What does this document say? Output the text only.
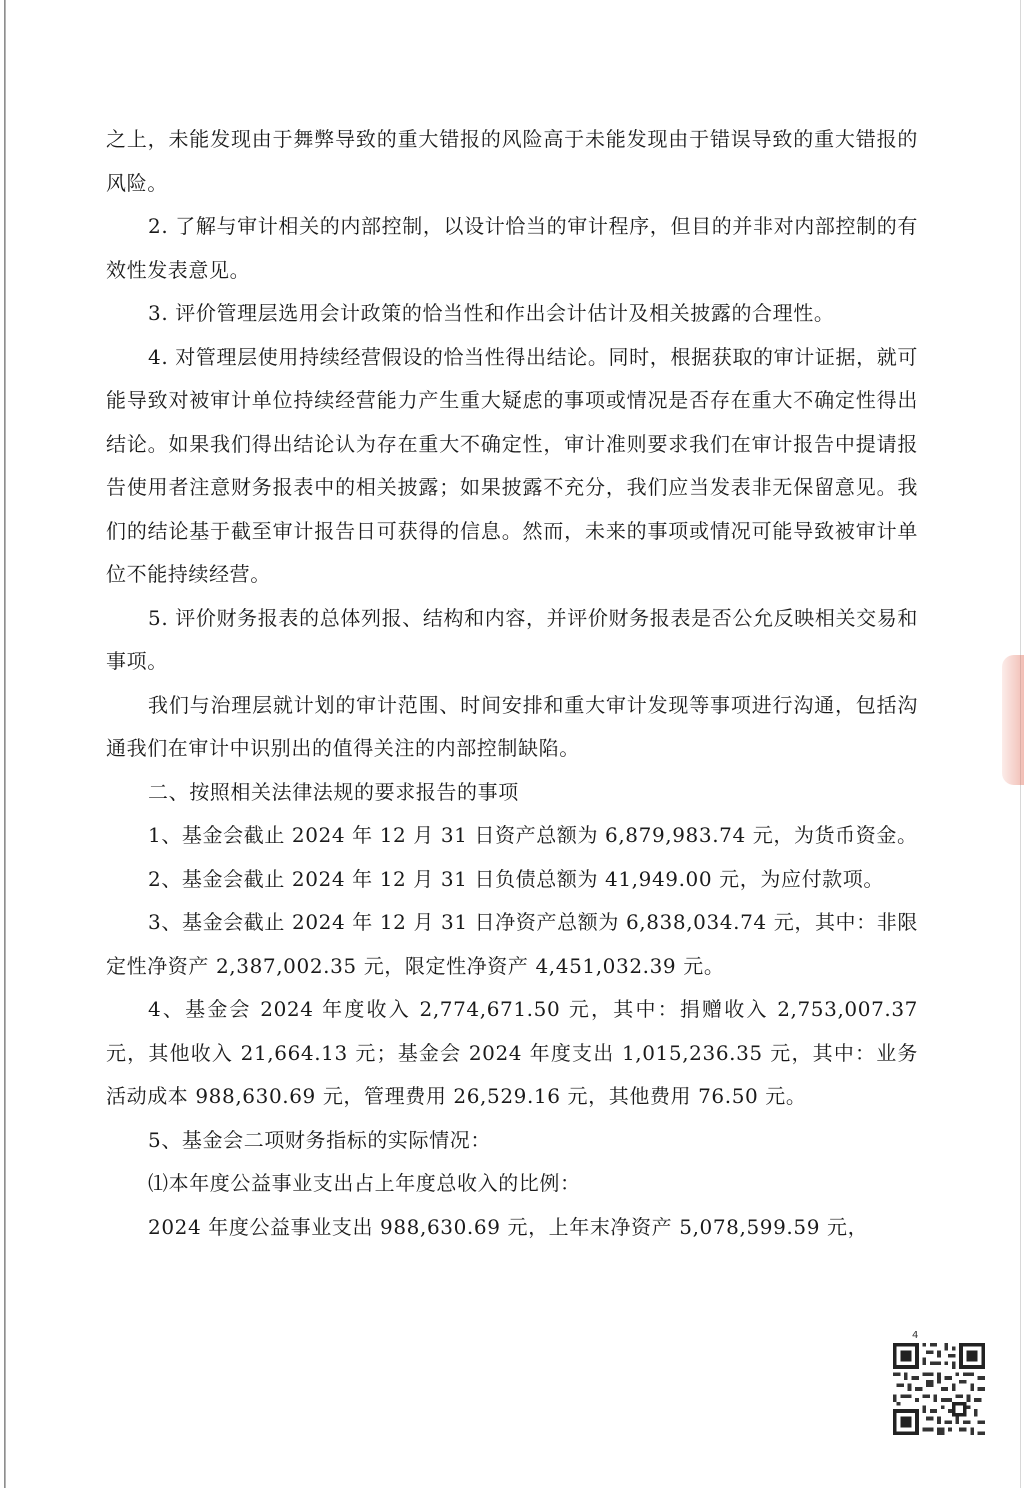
之上，未能发现由于舞弊导致的重大错报的风险高于未能发现由于错误导致的重大错报的风险。

2. 了解与审计相关的内部控制，以设计恰当的审计程序，但目的并非对内部控制的有效性发表意见。

3. 评价管理层选用会计政策的恰当性和作出会计估计及相关披露的合理性。

4. 对管理层使用持续经营假设的恰当性得出结论。同时，根据获取的审计证据，就可能导致对被审计单位持续经营能力产生重大疑虑的事项或情况是否存在重大不确定性得出结论。如果我们得出结论认为存在重大不确定性，审计准则要求我们在审计报告中提请报告使用者注意财务报表中的相关披露；如果披露不充分，我们应当发表非无保留意见。我们的结论基于截至审计报告日可获得的信息。然而，未来的事项或情况可能导致被审计单位不能持续经营。

5. 评价财务报表的总体列报、结构和内容，并评价财务报表是否公允反映相关交易和事项。

我们与治理层就计划的审计范围、时间安排和重大审计发现等事项进行沟通，包括沟通我们在审计中识别出的值得关注的内部控制缺陷。

二、按照相关法律法规的要求报告的事项

1、基金会截止 2024 年 12 月 31 日资产总额为 6,879,983.74 元，为货币资金。

2、基金会截止 2024 年 12 月 31 日负债总额为 41,949.00 元，为应付款项。

3、基金会截止 2024 年 12 月 31 日净资产总额为 6,838,034.74 元，其中：非限定性净资产 2,387,002.35 元，限定性净资产 4,451,032.39 元。

4、基金会 2024 年度收入 2,774,671.50 元，其中：捐赠收入 2,753,007.37 元，其他收入 21,664.13 元；基金会 2024 年度支出 1,015,236.35 元，其中：业务活动成本 988,630.69 元，管理费用 26,529.16 元，其他费用 76.50 元。

5、基金会二项财务指标的实际情况：

⑴本年度公益事业支出占上年度总收入的比例：

2024 年度公益事业支出 988,630.69 元，上年末净资产 5,078,599.59 元，

4
